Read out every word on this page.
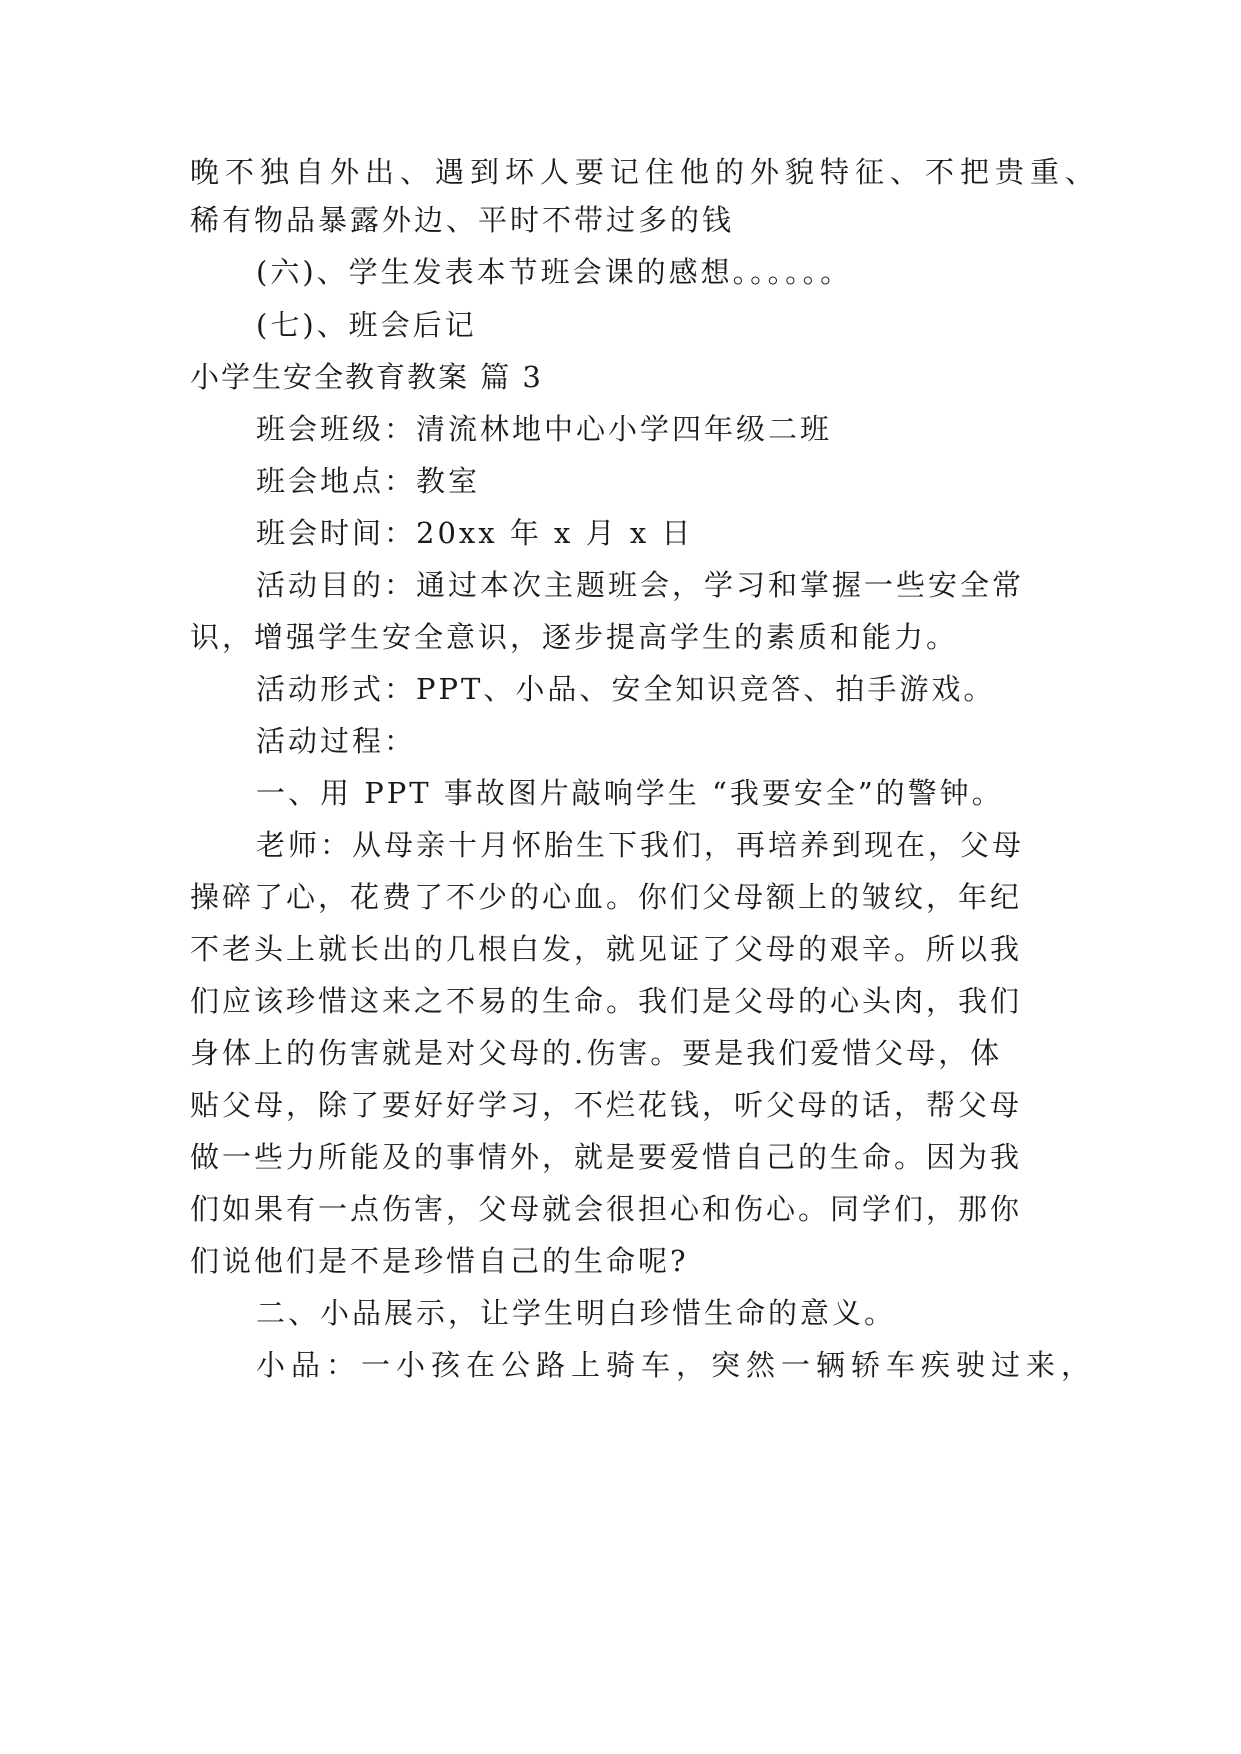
晚不独自外出、遇到坏人要记住他的外貌特征、不把贵重、
稀有物品暴露外边、平时不带过多的钱
(六)、学生发表本节班会课的感想。。。。。。
(七)、班会后记
小学生安全教育教案 篇 3
班会班级：清流林地中心小学四年级二班
班会地点：教室
班会时间：20xx 年 x 月 x 日
活动目的：通过本次主题班会，学习和掌握一些安全常
识，增强学生安全意识，逐步提高学生的素质和能力。
活动形式：PPT、小品、安全知识竞答、拍手游戏。
活动过程：
一、用 PPT 事故图片敲响学生 “我要安全”的警钟。
老师：从母亲十月怀胎生下我们，再培养到现在，父母
操碎了心，花费了不少的心血。你们父母额上的皱纹，年纪
不老头上就长出的几根白发，就见证了父母的艰辛。所以我
们应该珍惜这来之不易的生命。我们是父母的心头肉，我们
身体上的伤害就是对父母的.伤害。要是我们爱惜父母，体
贴父母，除了要好好学习，不烂花钱，听父母的话，帮父母
做一些力所能及的事情外，就是要爱惜自己的生命。因为我
们如果有一点伤害，父母就会很担心和伤心。同学们，那你
们说他们是不是珍惜自己的生命呢?
二、小品展示，让学生明白珍惜生命的意义。
小品：一小孩在公路上骑车，突然一辆轿车疾驶过来，
